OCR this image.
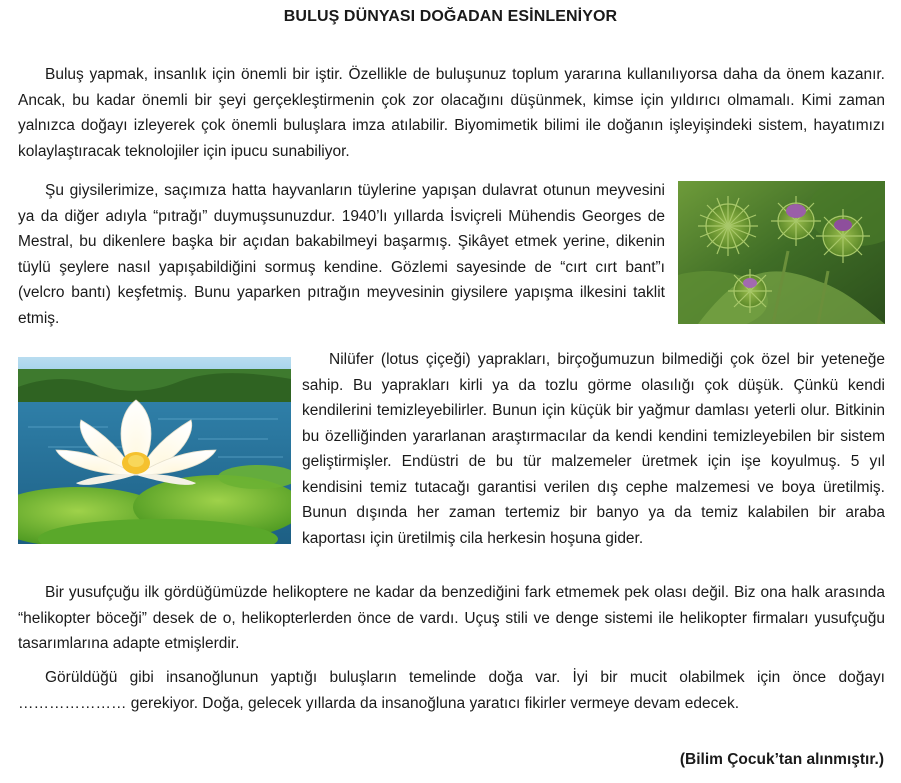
BULUŞ DÜNYASI DOĞADAN ESİNLENİYOR

Buluş yapmak, insanlık için önemli bir iştir. Özellikle de buluşunuz toplum yararına kullanılıyorsa daha da önem kazanır. Ancak, bu kadar önemli bir şeyi gerçekleştirmenin çok zor olacağını düşünmek, kimse için yıldırıcı olmamalı. Kimi zaman yalnızca doğayı izleyerek çok önemli buluşlara imza atılabilir. Biyomimetik bilimi ile doğanın işleyişindeki sistem, hayatımızı kolaylaştıracak teknolojiler için ipucu sunabiliyor.

Şu giysilerimize, saçımıza hatta hayvanların tüylerine yapışan dulavrat otunun meyvesini ya da diğer adıyla “pıtrağı” duymuşsunuzdur. 1940’lı yıllarda İsviçreli Mühendis Georges de Mestral, bu dikenlere başka bir açıdan bakabilmeyi başarmış. Şikâyet etmek yerine, dikenin tüylü şeylere nasıl yapışabildiğini sormuş kendine. Gözlemi sayesinde de “cırt cırt bant”ı (velcro bantı) keşfetmiş. Bunu yaparken pıtrağın meyvesinin giysilere yapışma ilkesini taklit etmiş.

Nilüfer (lotus çiçeği) yaprakları, birçoğumuzun bilmediği çok özel bir yeteneğe sahip. Bu yaprakları kirli ya da tozlu görme olasılığı çok düşük. Çünkü kendi kendilerini temizleyebilirler. Bunun için küçük bir yağmur damlası yeterli olur. Bitkinin bu özelliğinden yararlanan araştırmacılar da kendi kendini temizleyebilen bir sistem geliştirmişler. Endüstri de bu tür malzemeler üretmek için işe koyulmuş. 5 yıl kendisini temiz tutacağı garantisi verilen dış cephe malzemesi ve boya üretilmiş. Bunun dışında her zaman tertemiz bir banyo ya da temiz kalabilen bir araba kaportası için üretilmiş cila herkesin hoşuna gider.

Bir yusufçuğu ilk gördüğümüzde helikoptere ne kadar da benzediğini fark etmemek pek olası değil. Biz ona halk arasında “helikopter böceği” desek de o, helikopterlerden önce de vardı. Uçuş stili ve denge sistemi ile helikopter firmaları yusufçuğu tasarımlarına adapte etmişlerdir.

Görüldüğü gibi insanoğlunun yaptığı buluşların temelinde doğa var. İyi bir mucit olabilmek için önce doğayı ………………… gerekiyor. Doğa, gelecek yıllarda da insanoğluna yaratıcı fikirler vermeye devam edecek.

(Bilim Çocuk’tan alınmıştır.)
